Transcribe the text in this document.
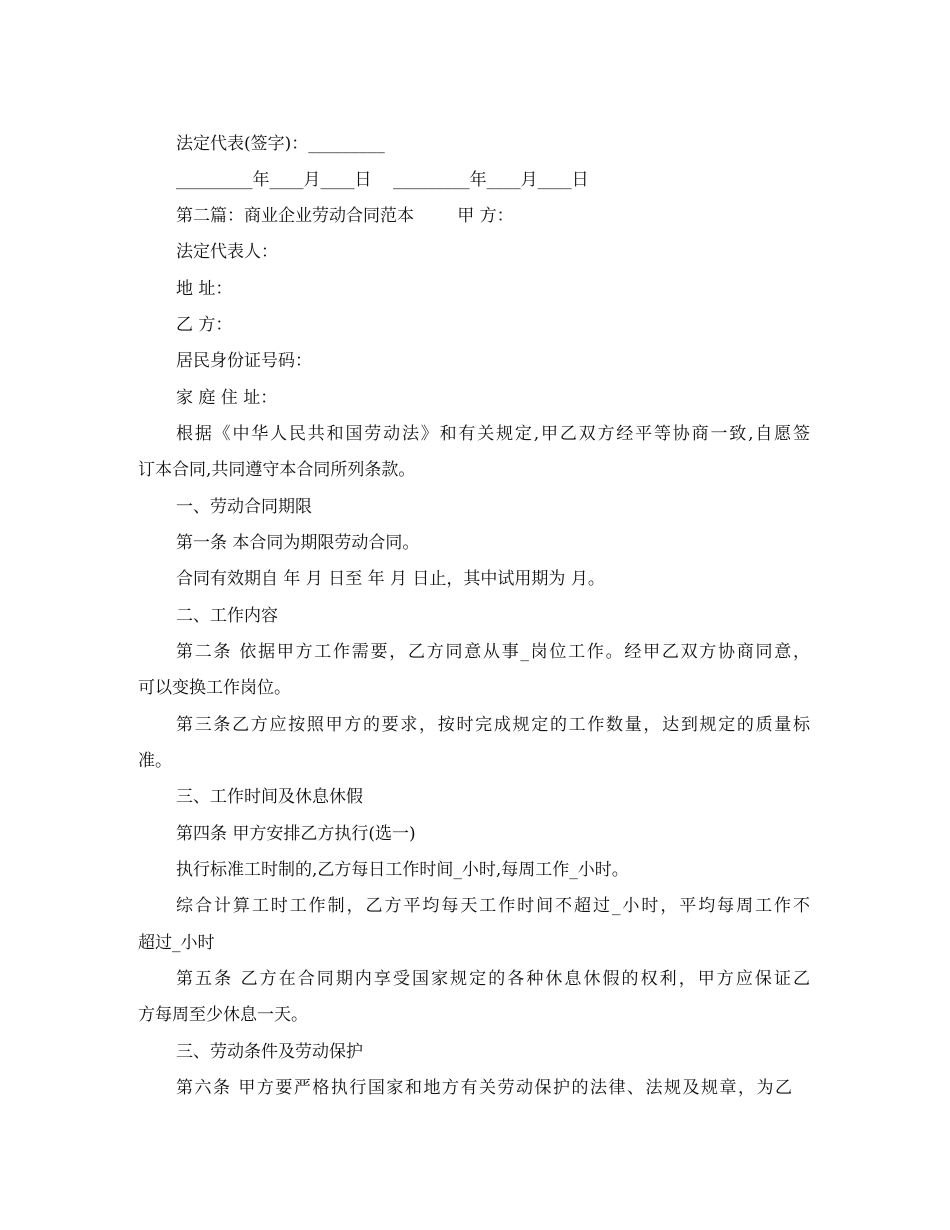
法定代表(签字)：_________
_________年____月____日    _________年____月____日
第二篇：商业企业劳动合同范本        甲 方：
法定代表人：
地 址：
乙 方：
居民身份证号码：
家 庭 住 址：
根据《中华人民共和国劳动法》和有关规定,甲乙双方经平等协商一致,自愿签
订本合同,共同遵守本合同所列条款。
一、劳动合同期限
第一条 本合同为期限劳动合同。
合同有效期自 年 月 日至 年 月 日止，其中试用期为 月。
二、工作内容
第二条 依据甲方工作需要，乙方同意从事_岗位工作。经甲乙双方协商同意，
可以变换工作岗位。
第三条乙方应按照甲方的要求，按时完成规定的工作数量，达到规定的质量标
准。
三、工作时间及休息休假
第四条 甲方安排乙方执行(选一)
执行标准工时制的,乙方每日工作时间_小时,每周工作_小时。
综合计算工时工作制，乙方平均每天工作时间不超过_小时，平均每周工作不
超过_小时
第五条 乙方在合同期内享受国家规定的各种休息休假的权利，甲方应保证乙
方每周至少休息一天。
三、劳动条件及劳动保护
第六条 甲方要严格执行国家和地方有关劳动保护的法律、法规及规章，为乙
